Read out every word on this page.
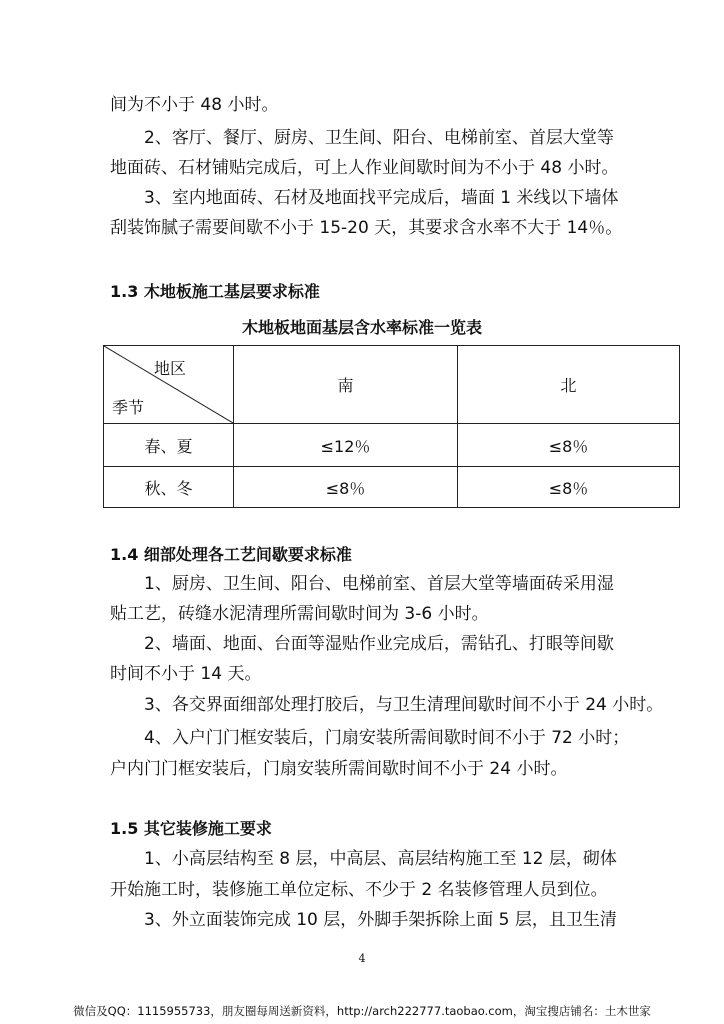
间为不小于 48 小时。
2、客厅、餐厅、厨房、卫生间、阳台、电梯前室、首层大堂等
地面砖、石材铺贴完成后，可上人作业间歇时间为不小于 48 小时。
3、室内地面砖、石材及地面找平完成后，墙面 1 米线以下墙体
刮装饰腻子需要间歇不小于 15-20 天，其要求含水率不大于 14％。
1.3 木地板施工基层要求标准
木地板地面基层含水率标准一览表
地区
季节	南	北
春、夏	≤12％	≤8％
秋、冬	≤8％	≤8％
1.4 细部处理各工艺间歇要求标准
1、厨房、卫生间、阳台、电梯前室、首层大堂等墙面砖采用湿
贴工艺，砖缝水泥清理所需间歇时间为 3-6 小时。
2、墙面、地面、台面等湿贴作业完成后，需钻孔、打眼等间歇
时间不小于 14 天。
3、各交界面细部处理打胶后，与卫生清理间歇时间不小于 24 小时。
4、入户门门框安装后，门扇安装所需间歇时间不小于 72 小时；
户内门门框安装后，门扇安装所需间歇时间不小于 24 小时。
1.5 其它装修施工要求
1、小高层结构至 8 层，中高层、高层结构施工至 12 层，砌体
开始施工时，装修施工单位定标、不少于 2 名装修管理人员到位。
3、外立面装饰完成 10 层，外脚手架拆除上面 5 层，且卫生清
4
微信及QQ：1115955733，朋友圈每周送新资料，http://arch222777.taobao.com，淘宝搜店铺名：土木世家
